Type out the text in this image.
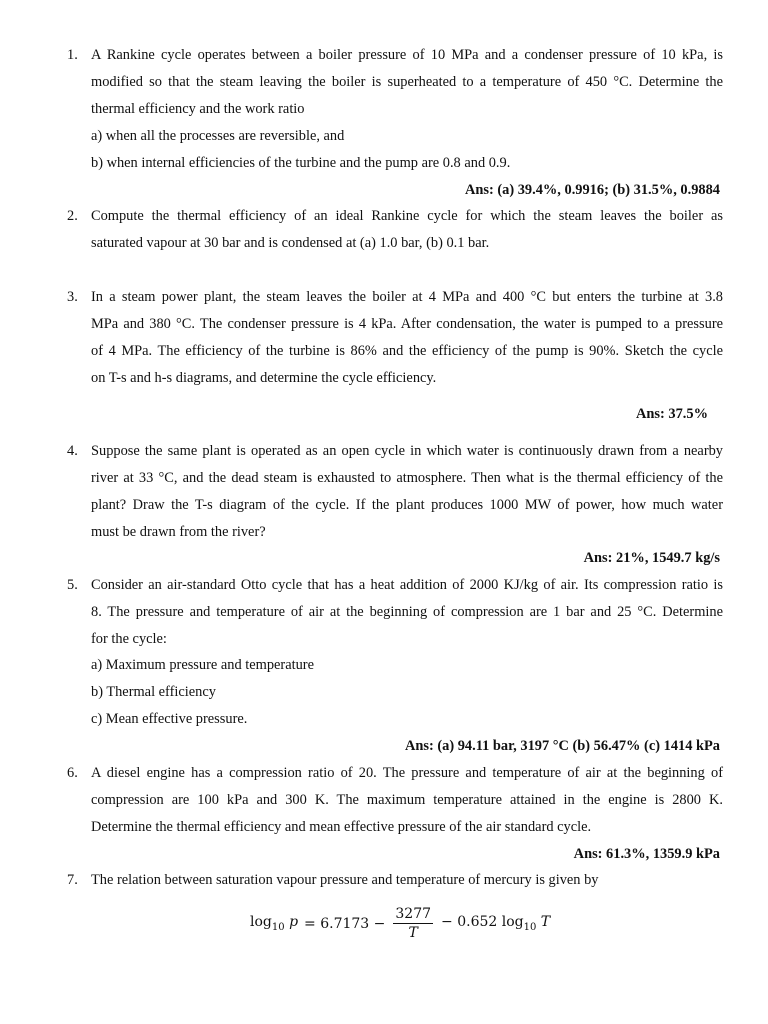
1. A Rankine cycle operates between a boiler pressure of 10 MPa and a condenser pressure of 10 kPa, is
modified so that the steam leaving the boiler is superheated to a temperature of 450 °C. Determine the
thermal efficiency and the work ratio
a) when all the processes are reversible, and
b) when internal efficiencies of the turbine and the pump are 0.8 and 0.9.
Ans: (a) 39.4%, 0.9916; (b) 31.5%, 0.9884
2. Compute the thermal efficiency of an ideal Rankine cycle for which the steam leaves the boiler as
saturated vapour at 30 bar and is condensed at (a) 1.0 bar, (b) 0.1 bar.
3. In a steam power plant, the steam leaves the boiler at 4 MPa and 400 °C but enters the turbine at 3.8
MPa and 380 °C. The condenser pressure is 4 kPa. After condensation, the water is pumped to a pressure
of 4 MPa. The efficiency of the turbine is 86% and the efficiency of the pump is 90%. Sketch the cycle
on T-s and h-s diagrams, and determine the cycle efficiency.
Ans: 37.5%
4. Suppose the same plant is operated as an open cycle in which water is continuously drawn from a nearby
river at 33 °C, and the dead steam is exhausted to atmosphere. Then what is the thermal efficiency of the
plant? Draw the T-s diagram of the cycle. If the plant produces 1000 MW of power, how much water
must be drawn from the river?
Ans: 21%, 1549.7 kg/s
5. Consider an air-standard Otto cycle that has a heat addition of 2000 KJ/kg of air. Its compression ratio is
8. The pressure and temperature of air at the beginning of compression are 1 bar and 25 °C. Determine
for the cycle:
a) Maximum pressure and temperature
b) Thermal efficiency
c) Mean effective pressure.
Ans: (a) 94.11 bar, 3197 °C (b) 56.47% (c) 1414 kPa
6. A diesel engine has a compression ratio of 20. The pressure and temperature of air at the beginning of
compression are 100 kPa and 300 K. The maximum temperature attained in the engine is 2800 K.
Determine the thermal efficiency and mean effective pressure of the air standard cycle.
Ans: 61.3%, 1359.9 kPa
7. The relation between saturation vapour pressure and temperature of mercury is given by
$\log_{10} p = 6.7173 - \frac{3277}{T} - 0.652$ $\log_{10} T$
